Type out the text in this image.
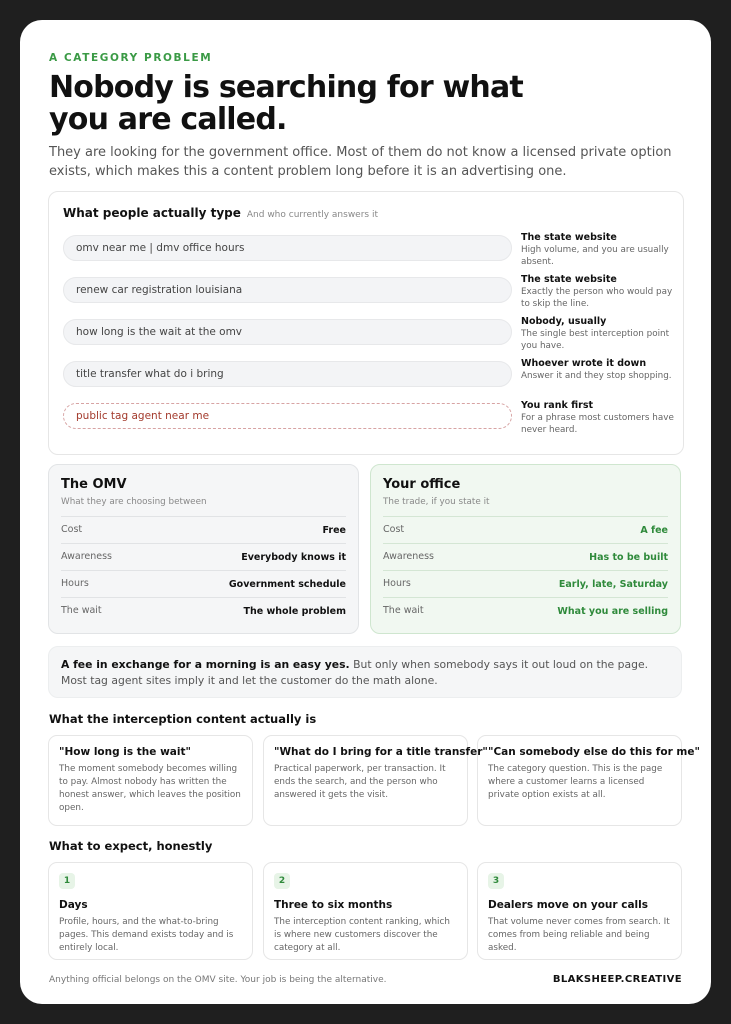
A CATEGORY PROBLEM
Nobody is searching for what you are called.
They are looking for the government office. Most of them do not know a licensed private option exists, which makes this a content problem long before it is an advertising one.
What people actually type And who currently answers it
omv near me | dmv office hours
The state website
High volume, and you are usually absent.
renew car registration louisiana
The state website
Exactly the person who would pay to skip the line.
how long is the wait at the omv
Nobody, usually
The single best interception point you have.
title transfer what do i bring
Whoever wrote it down
Answer it and they stop shopping.
public tag agent near me
You rank first
For a phrase most customers have never heard.
The OMV
What they are choosing between
Cost	Free
Awareness	Everybody knows it
Hours	Government schedule
The wait	The whole problem
Your office
The trade, if you state it
Cost	A fee
Awareness	Has to be built
Hours	Early, late, Saturday
The wait	What you are selling
A fee in exchange for a morning is an easy yes. But only when somebody says it out loud on the page. Most tag agent sites imply it and let the customer do the math alone.
What the interception content actually is
"How long is the wait"
The moment somebody becomes willing to pay. Almost nobody has written the honest answer, which leaves the position open.
"What do I bring for a title transfer"
Practical paperwork, per transaction. It ends the search, and the person who answered it gets the visit.
"Can somebody else do this for me"
The category question. This is the page where a customer learns a licensed private option exists at all.
What to expect, honestly
1
Days
Profile, hours, and the what-to-bring pages. This demand exists today and is entirely local.
2
Three to six months
The interception content ranking, which is where new customers discover the category at all.
3
Dealers move on your calls
That volume never comes from search. It comes from being reliable and being asked.
Anything official belongs on the OMV site. Your job is being the alternative.	BLAKSHEEP.CREATIVE
